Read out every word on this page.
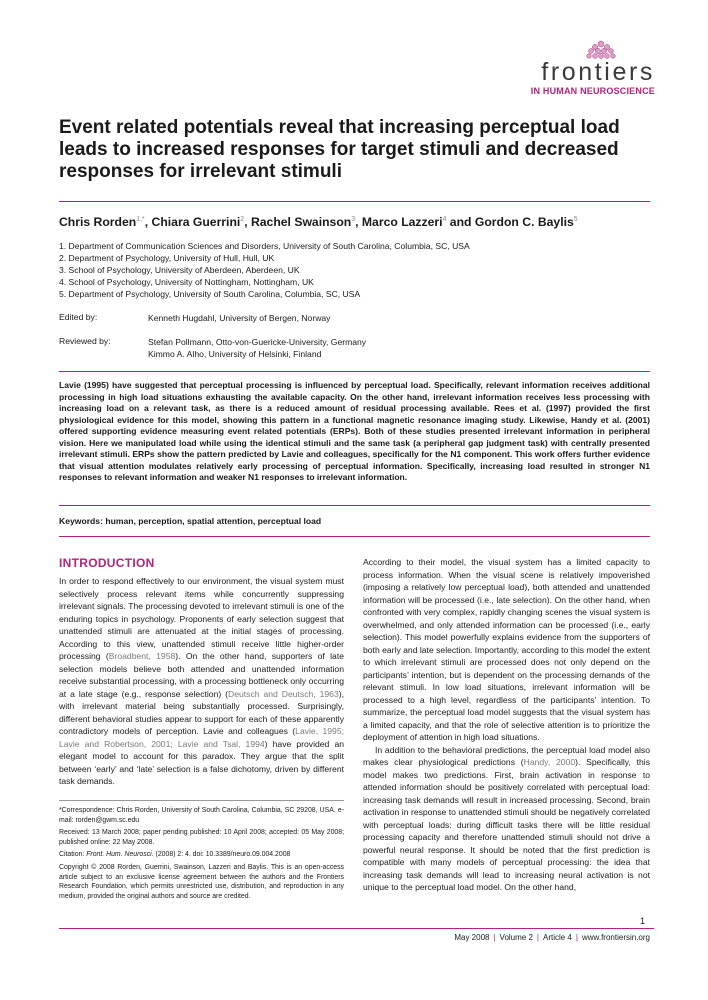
frontiers
IN HUMAN NEUROSCIENCE
Event related potentials reveal that increasing perceptual load leads to increased responses for target stimuli and decreased responses for irrelevant stimuli
Chris Rorden$^{1,*}$, Chiara Guerrini$^2$, Rachel Swainson$^3$, Marco Lazzeri$^4$ and Gordon C. Baylis$^5$
1. Department of Communication Sciences and Disorders, University of South Carolina, Columbia, SC, USA
2. Department of Psychology, University of Hull, Hull, UK
3. School of Psychology, University of Aberdeen, Aberdeen, UK
4. School of Psychology, University of Nottingham, Nottingham, UK
5. Department of Psychology, University of South Carolina, Columbia, SC, USA
Edited by:	Kenneth Hugdahl, University of Bergen, Norway
Reviewed by:	Stefan Pollmann, Otto-von-Guericke-University, Germany
Kimmo A. Alho, University of Helsinki, Finland

Lavie (1995) have suggested that perceptual processing is influenced by perceptual load. Specifically, relevant information receives additional processing in high load situations exhausting the available capacity. On the other hand, irrelevant information receives less processing with increasing load on a relevant task, as there is a reduced amount of residual processing available. Rees et al. (1997) provided the first physiological evidence for this model, showing this pattern in a functional magnetic resonance imaging study. Likewise, Handy et al. (2001) offered supporting evidence measuring event related potentials (ERPs). Both of these studies presented irrelevant information in peripheral vision. Here we manipulated load while using the identical stimuli and the same task (a peripheral gap judgment task) with centrally presented irrelevant stimuli. ERPs show the pattern predicted by Lavie and colleagues, specifically for the N1 component. This work offers further evidence that visual attention modulates relatively early processing of perceptual information. Specifically, increasing load resulted in stronger N1 responses to relevant information and weaker N1 responses to irrelevant information.

Keywords: human, perception, spatial attention, perceptual load
INTRODUCTION

In order to respond effectively to our environment, the visual system must selectively process relevant items while concurrently suppressing irrelevant signals. The processing devoted to irrelevant stimuli is one of the enduring topics in psychology. Proponents of early selection suggest that unattended stimuli are attenuated at the initial stages of processing. According to this view, unattended stimuli receive little higher-order processing (Broadbent, 1958). On the other hand, supporters of late selection models believe both attended and unattended information receive substantial processing, with a processing bottleneck only occurring at a late stage (e.g., response selection) (Deutsch and Deutsch, 1963), with irrelevant material being substantially processed. Surprisingly, different behavioral studies appear to support for each of these apparently contradictory models of perception. Lavie and colleagues (Lavie, 1995; Lavie and Robertson, 2001; Lavie and Tsal, 1994) have provided an elegant model to account for this paradox. They argue that the split between ‘early’ and ‘late’ selection is a false dichotomy, driven by different task demands.

*Correspondence: Chris Rorden, University of South Carolina, Columbia, SC 29208, USA. e-mail: rorden@gwm.sc.edu

Received: 13 March 2008; paper pending published: 10 April 2008; accepted: 05 May 2008; published online: 22 May 2008.

Citation: Front. Hum. Neurosci. (2008) 2: 4. doi: 10.3389/neuro.09.004.2008

Copyright © 2008 Rorden, Guerrini, Swainson, Lazzeri and Baylis. This is an open-access article subject to an exclusive license agreement between the authors and the Frontiers Research Foundation, which permits unrestricted use, distribution, and reproduction in any medium, provided the original authors and source are credited.

According to their model, the visual system has a limited capacity to process information. When the visual scene is relatively impoverished (imposing a relatively low perceptual load), both attended and unattended information will be processed (i.e., late selection). On the other hand, when confronted with very complex, rapidly changing scenes the visual system is overwhelmed, and only attended information can be processed (i.e., early selection). This model powerfully explains evidence from the supporters of both early and late selection. Importantly, according to this model the extent to which irrelevant stimuli are processed does not only depend on the participants’ intention, but is dependent on the processing demands of the relevant stimuli. In low load situations, irrelevant information will be processed to a high level, regardless of the participants’ intention. To summarize, the perceptual load model suggests that the visual system has a limited capacity, and that the role of selective attention is to prioritize the deployment of attention in high load situations.

In addition to the behavioral predictions, the perceptual load model also makes clear physiological predictions (Handy, 2000). Specifically, this model makes two predictions. First, brain activation in response to attended information should be positively correlated with perceptual load: increasing task demands will result in increased processing. Second, brain activation in response to unattended stimuli should be negatively correlated with perceptual loads: during difficult tasks there will be little residual processing capacity and therefore unattended stimuli should not drive a powerful neural response. It should be noted that the first prediction is compatible with many models of perceptual processing: the idea that increasing task demands will lead to increasing neural activation is not unique to the perceptual load model. On the other hand,

1
May 2008 | Volume 2 | Article 4 | www.frontiersin.org
